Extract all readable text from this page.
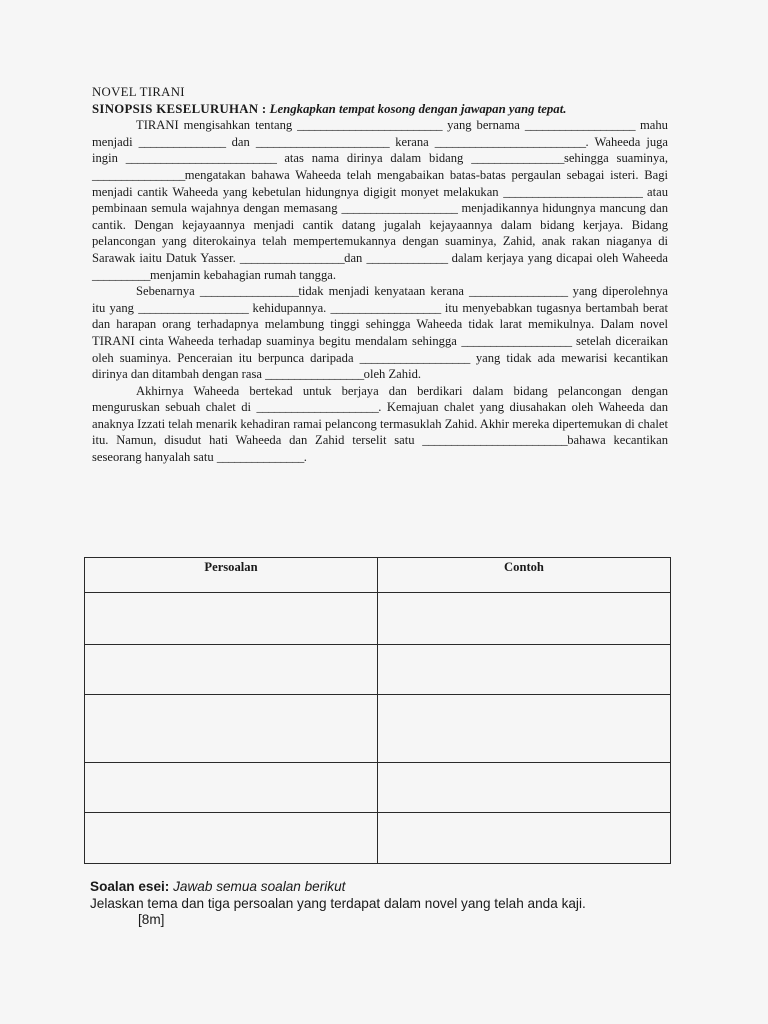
NOVEL TIRANI

SINOPSIS KESELURUHAN : Lengkapkan tempat kosong dengan jawapan yang tepat.

TIRANI mengisahkan tentang _________________________ yang bernama ___________________ mahu menjadi _______________ dan _______________________ kerana __________________________. Waheeda juga ingin __________________________ atas nama dirinya dalam bidang ________________sehingga suaminya, ________________mengatakan bahawa Waheeda telah mengabaikan batas-batas pergaulan sebagai isteri. Bagi menjadi cantik Waheeda yang kebetulan hidungnya digigit monyet melakukan ________________________ atau pembinaan semula wajahnya dengan memasang ____________________ menjadikannya hidungnya mancung dan cantik. Dengan kejayaannya menjadi cantik datang jugalah kejayaannya dalam bidang kerjaya. Bidang pelancongan yang diterokainya telah mempertemukannya dengan suaminya, Zahid, anak rakan niaganya di Sarawak iaitu Datuk Yasser. __________________dan ______________ dalam kerjaya yang dicapai oleh Waheeda __________menjamin kebahagian rumah tangga.

Sebenarnya _________________tidak menjadi kenyataan kerana _________________ yang diperolehnya itu yang ___________________ kehidupannya. ___________________ itu menyebabkan tugasnya bertambah berat dan harapan orang terhadapnya melambung tinggi sehingga Waheeda tidak larat memikulnya. Dalam novel TIRANI cinta Waheeda terhadap suaminya begitu mendalam sehingga ___________________ setelah diceraikan oleh suaminya. Penceraian itu berpunca daripada ___________________ yang tidak ada mewarisi kecantikan dirinya dan ditambah dengan rasa _________________oleh Zahid.

Akhirnya Waheeda bertekad untuk berjaya dan berdikari dalam bidang pelancongan dengan menguruskan sebuah chalet di _____________________. Kemajuan chalet yang diusahakan oleh Waheeda dan anaknya Izzati telah menarik kehadiran ramai pelancong termasuklah Zahid. Akhir mereka dipertemukan di chalet itu. Namun, disudut hati Waheeda dan Zahid terselit satu _________________________bahawa kecantikan seseorang hanyalah satu _______________.

Persoalan	Contoh

Soalan esei: Jawab semua soalan berikut
Jelaskan tema dan tiga persoalan yang terdapat dalam novel yang telah anda kaji.
[8m]
